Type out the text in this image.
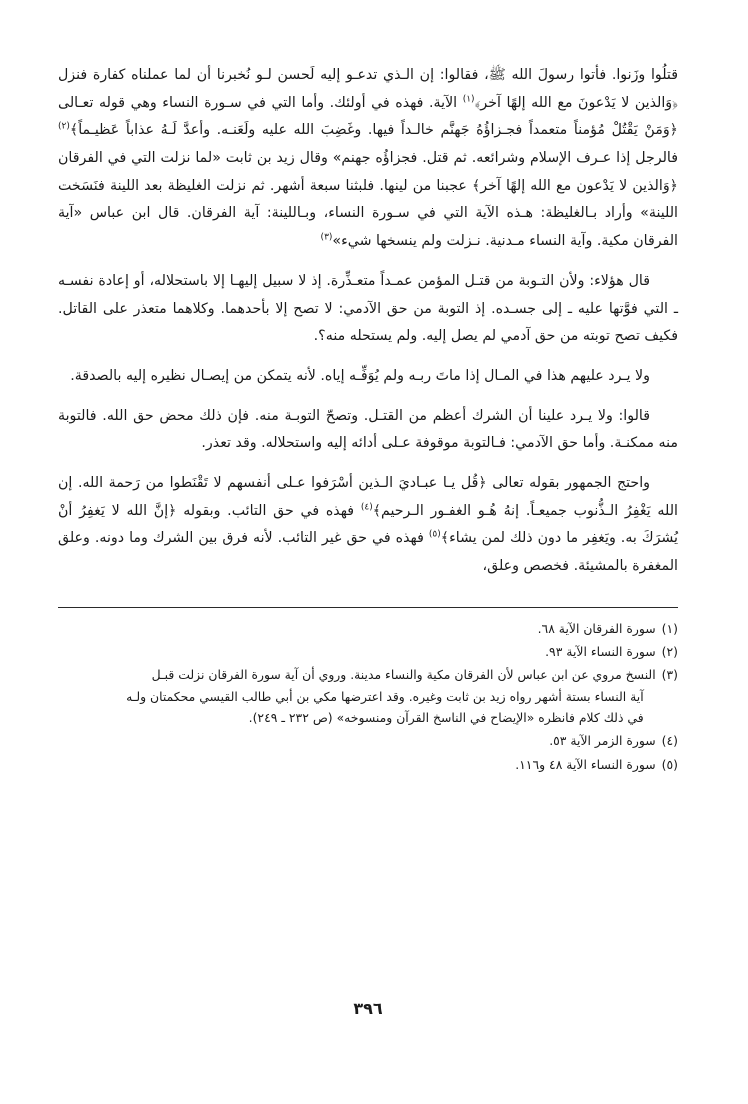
قتلُوا وزَنوا. فأتوا رسولَ الله ﷺ، فقالوا: إن الـذي تدعـو إليه لَحسن لـو نُخبرنا أن لما عملناه كفارة فنزل ﴿وَالذين لا يَدْعونَ مع الله إلهًا آخر﴾$^{(١)}$ الآية. فهذه في أولئك. وأما التي في سـورة النساء وهي قوله تعـالى ﴿وَمَنْ يَقْتُلْ مُؤمناً متعمداً فجـزاؤُهُ جَهنَّم خالـداً فيها. وغَضِبَ الله عليه ولَعَنـه. وأعدَّ لَـهُ عذاباً عَظيـماً﴾$^{(٢)}$ فالرجل إذا عـرف الإسلام وشرائعه. ثم قتل. فجزاؤُه جهنم» وقال زيد بن ثابت «لما نزلت التي في الفرقان ﴿وَالذين لا يَدْعون مع الله إلهًا آخر﴾ عجبنا من لينها. فلبثنا سبعة أشهر. ثم نزلت الغليظة بعد اللينة فنَسَخت اللينة» وأراد بـالغليظة: هـذه الآية التي في سـورة النساء، وبـاللينة: آية الفرقان. قال ابن عباس «آية الفرقان مكية. وآية النساء مـدنية. نـزلت ولم ينسخها شيء»$^{(٣)}$

قال هؤلاء: ولأن التـوبة من قتـل المؤمن عمـداً متعـذِّرة. إذ لا سبيل إليهـا إلا باستحلاله، أو إعادة نفسـه ـ التي فوَّتها عليه ـ إلى جسـده. إذ التوبة من حق الآدمي: لا تصح إلا بأحدهما. وكلاهما متعذر على القاتل. فكيف تصح توبته من حق آدمي لم يصل إليه. ولم يستحله منه؟.

ولا يـرد عليهم هذا في المـال إذا ماتَ ربـه ولم يُوَفِّـه إياه. لأنه يتمكن من إيصـال نظيره إليه بالصدقة.

قالوا: ولا يـرد علينا أن الشرك أعظم من القتـل. وتصحّ التوبـة منه. فإن ذلك محض حق الله. فالتوبة منه ممكنـة. وأما حق الآدمي: فـالتوبة موقوفة عـلى أدائه إليه واستحلاله. وقد تعذر.

واحتج الجمهور بقوله تعالى ﴿قُل يـا عبـاديَ الـذين أسْرَفوا عـلى أنفسهم لا تَقْنَطوا من رَحمة الله. إن الله يَغْفِرُ الـذُّنوب جميعـاً. إنهُ هُـو الغفـور الـرحيم﴾$^{(٤)}$ فهذه في حق التائب. وبقوله ﴿إنَّ الله لا يَغفِرُ أنْ يُشرَكَ به. ويَغفِر ما دون ذلك لمن يشاء﴾$^{(٥)}$ فهذه في حق غير التائب. لأنه فرق بين الشرك وما دونه. وعلق المغفرة بالمشيئة. فخصص وعلق،

(١)
سورة الفرقان الآية ٦٨.
(٢)
سورة النساء الآية ٩٣.
(٣)
النسخ مروي عن ابن عباس لأن الفرقان مكية والنساء مدينة. وروي أن آية سورة الفرقان نزلت قبـل
آية النساء بستة أشهر رواه زيد بن ثابت وغيره. وقد اعترضها مكي بن أبي طالب القيسي محكمتان ولـه
في ذلك كلام فانظره «الإيضاح في الناسخ القرآن ومنسوخه» (ص ٢٣٢ ـ ٢٤٩).
(٤)
سورة الزمر الآية ٥٣.
(٥)
سورة النساء الآية ٤٨ و١١٦.
٣٩٦
